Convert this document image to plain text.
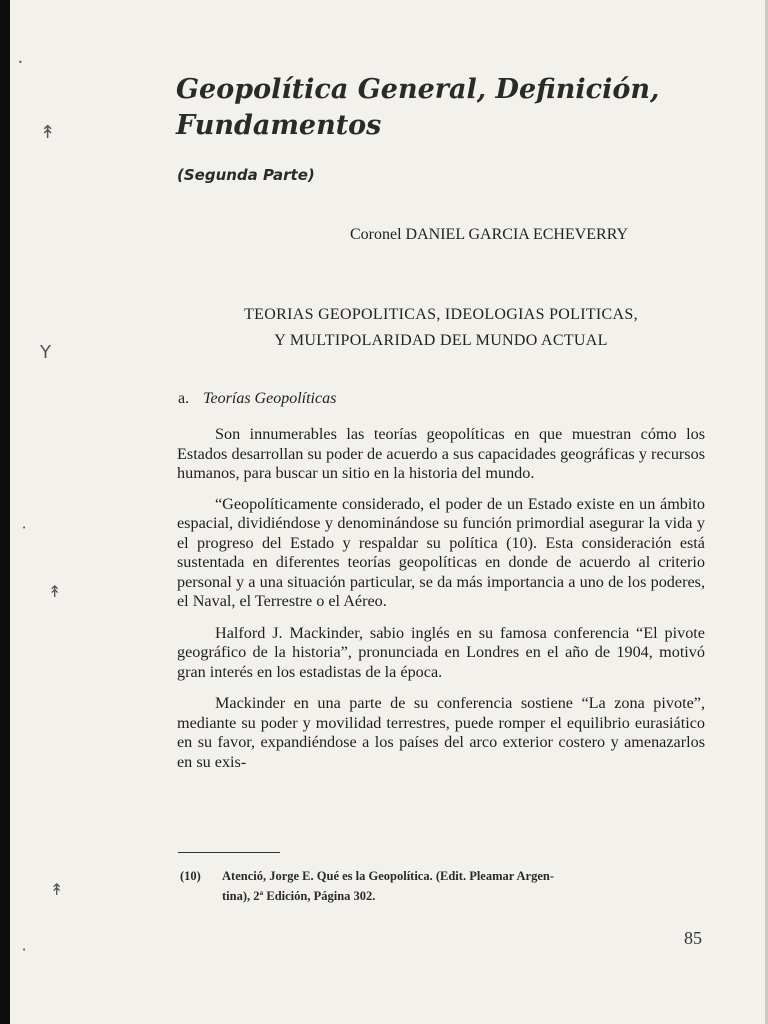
•
↟
Y
•
↟
↟
•
Geopolítica General, Definición,
Fundamentos
(Segunda Parte)
Coronel DANIEL GARCIA ECHEVERRY
TEORIAS GEOPOLITICAS, IDEOLOGIAS POLITICAS,
Y MULTIPOLARIDAD DEL MUNDO ACTUAL
a. Teorías Geopolíticas

Son innumerables las teorías geopolíticas en que muestran cómo los Estados desarrollan su poder de acuerdo a sus capacidades geográficas y recursos humanos, para buscar un sitio en la historia del mundo.

“Geopolíticamente considerado, el poder de un Estado existe en un ámbito espacial, dividiéndose y denominándose su función primordial asegurar la vida y el progreso del Estado y respaldar su política (10). Esta consideración está sustentada en diferentes teorías geopolíticas en donde de acuerdo al criterio personal y a una situación particular, se da más importancia a uno de los poderes, el Naval, el Terrestre o el Aéreo.

Halford J. Mackinder, sabio inglés en su famosa conferencia “El pivote geográfico de la historia”, pronunciada en Londres en el año de 1904, motivó gran interés en los estadistas de la época.

Mackinder en una parte de su conferencia sostiene “La zona pivote”, mediante su poder y movilidad terrestres, puede romper el equilibrio eurasiático en su favor, expandiéndose a los países del arco exterior costero y amenazarlos en su exis-

(10) Atenció, Jorge E. Qué es la Geopolítica. (Edit. Pleamar Argen-
tina), 2ª Edición, Página 302.
85
